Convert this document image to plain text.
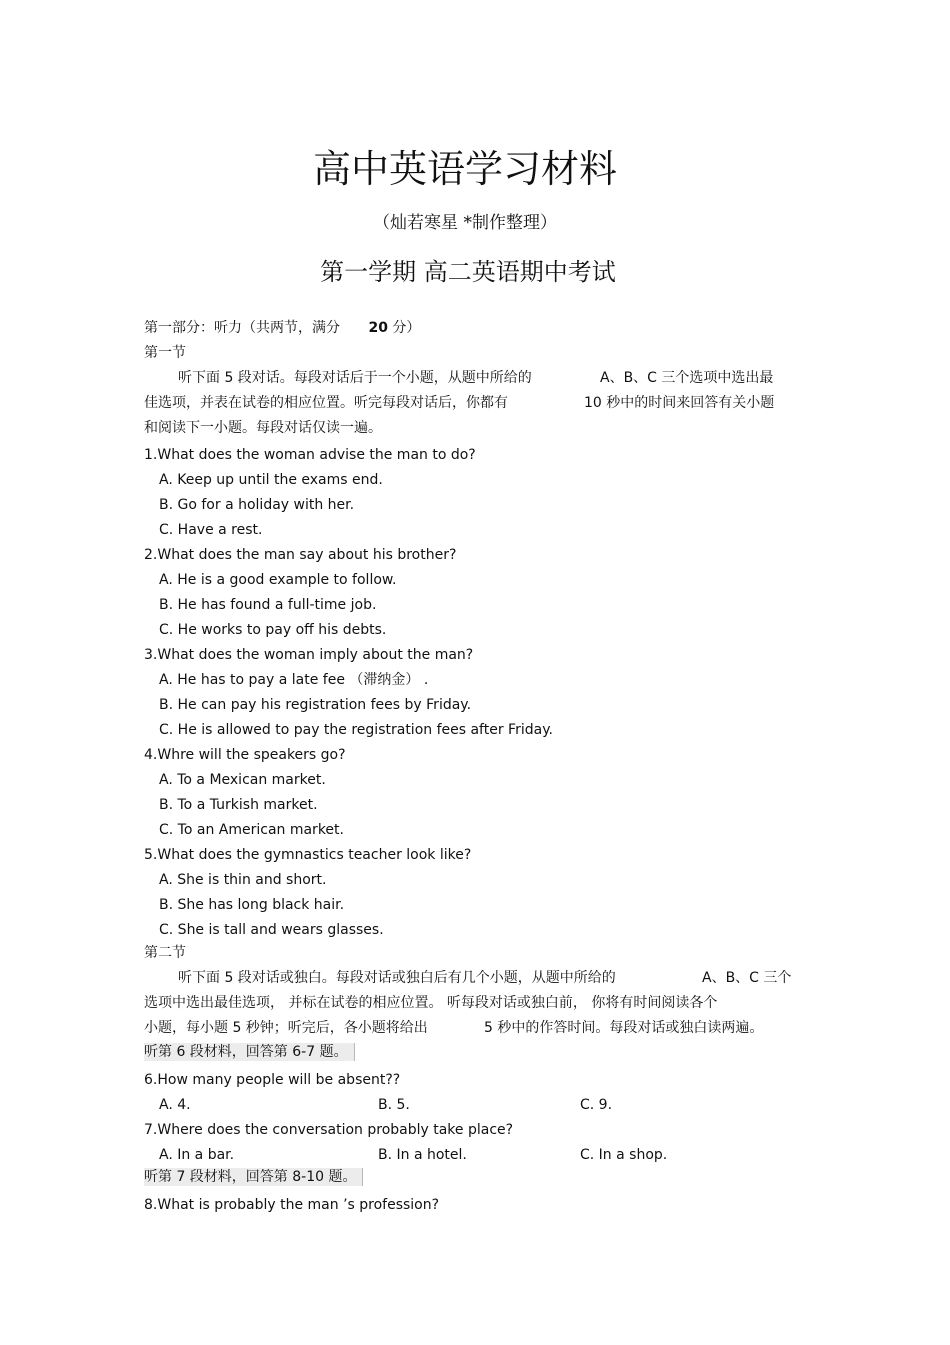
高中英语学习材料
（灿若寒星 *制作整理）
第一学期 高二英语期中考试
第一部分：听力（共两节，满分 20 分）
第一节
听下面 5 段对话。每段对话后于一个小题，从题中所给的	A、B、C 三个选项中选出最
佳选项，并表在试卷的相应位置。听完每段对话后，你都有	10 秒中的时间来回答有关小题
和阅读下一小题。每段对话仅读一遍。
1.What does the woman advise the man to do?
A. Keep up until the exams end.
B. Go for a holiday with her.
C. Have a rest.
2.What does the man say about his brother?
A. He is a good example to follow.
B. He has found a full-time job.
C. He works to pay off his debts.
3.What does the woman imply about the man?
A. He has to pay a late fee （滞纳金） .
B. He can pay his registration fees by Friday.
C. He is allowed to pay the registration fees after Friday.
4.Whre will the speakers go?
A. To a Mexican market.
B. To a Turkish market.
C. To an American market.
5.What does the gymnastics teacher look like?
A. She is thin and short.
B. She has long black hair.
C. She is tall and wears glasses.
第二节
听下面 5 段对话或独白。每段对话或独白后有几个小题，从题中所给的	A、B、C 三个
选项中选出最佳选项， 并标在试卷的相应位置。 听每段对话或独白前， 你将有时间阅读各个
小题，每小题 5 秒钟；听完后，各小题将给出	5 秒中的作答时间。每段对话或独白读两遍。
听第 6 段材料，回答第 6-7 题。
6.How many people will be absent??
A. 4.	B. 5.	C. 9.
7.Where does the conversation probably take place?
A. In a bar.	B. In a hotel.	C. In a shop.
听第 7 段材料，回答第 8-10 题。
8.What is probably the man ’s profession?
